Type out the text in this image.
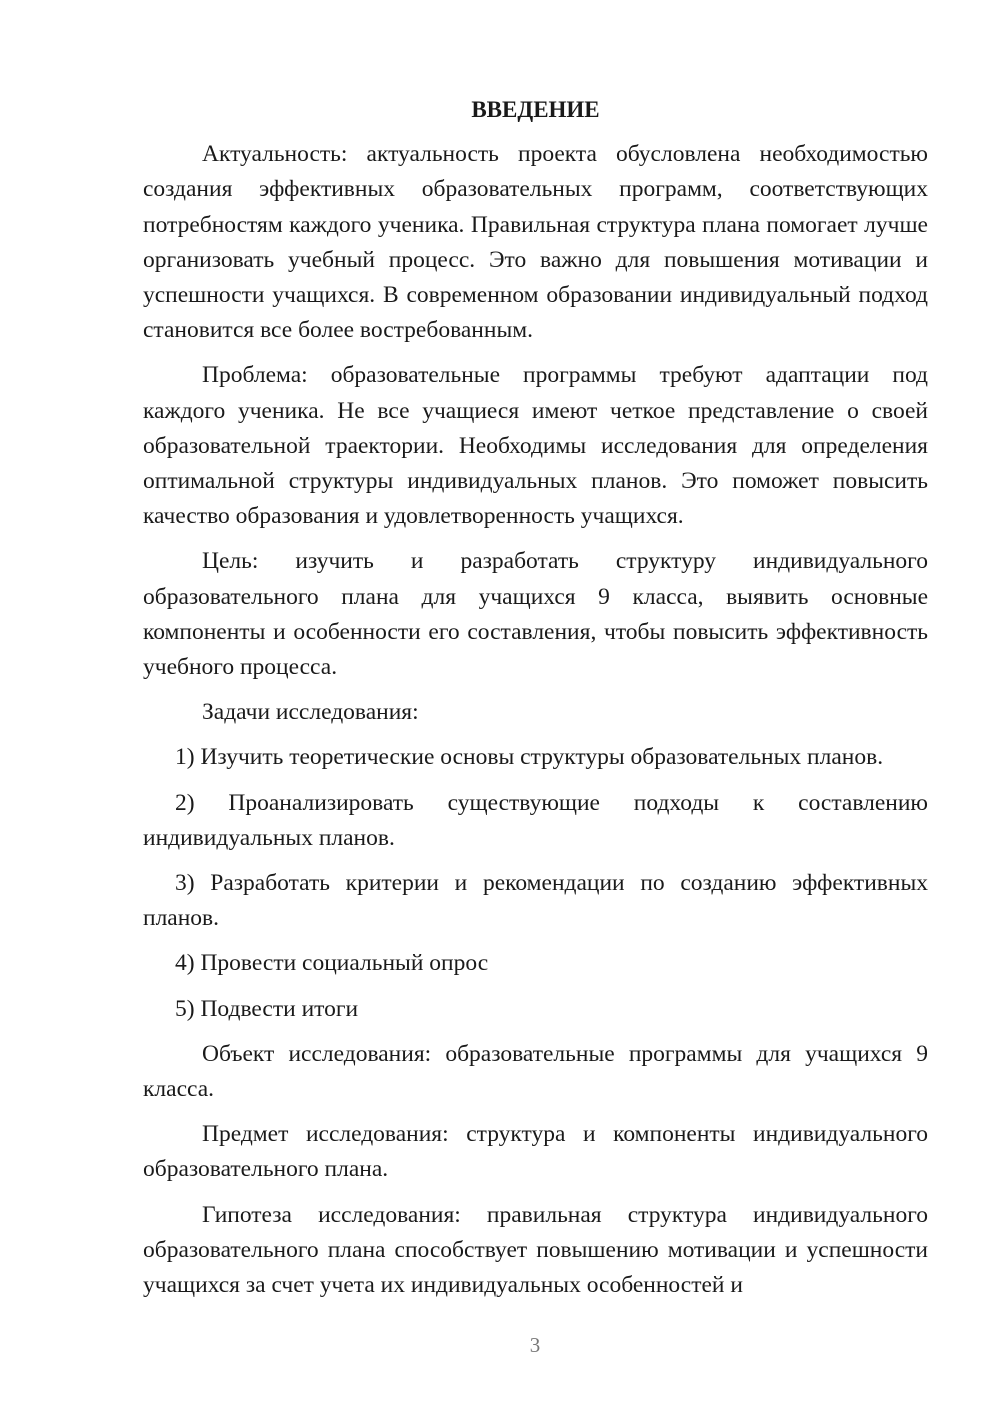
ВВЕДЕНИЕ

Актуальность: актуальность проекта обусловлена необходимостью создания эффективных образовательных программ, соответствующих потребностям каждого ученика. Правильная структура плана помогает лучше организовать учебный процесс. Это важно для повышения мотивации и успешности учащихся. В современном образовании индивидуальный подход становится все более востребованным.

Проблема: образовательные программы требуют адаптации под каждого ученика. Не все учащиеся имеют четкое представление о своей образовательной траектории. Необходимы исследования для определения оптимальной структуры индивидуальных планов. Это поможет повысить качество образования и удовлетворенность учащихся.

Цель: изучить и разработать структуру индивидуального образовательного плана для учащихся 9 класса, выявить основные компоненты и особенности его составления, чтобы повысить эффективность учебного процесса.

Задачи исследования:

1) Изучить теоретические основы структуры образовательных планов.

2) Проанализировать существующие подходы к составлению индивидуальных планов.

3) Разработать критерии и рекомендации по созданию эффективных планов.

4) Провести социальный опрос

5) Подвести итоги

Объект исследования: образовательные программы для учащихся 9 класса.

Предмет исследования: структура и компоненты индивидуального образовательного плана.

Гипотеза исследования: правильная структура индивидуального образовательного плана способствует повышению мотивации и успешности учащихся за счет учета их индивидуальных особенностей и

3
